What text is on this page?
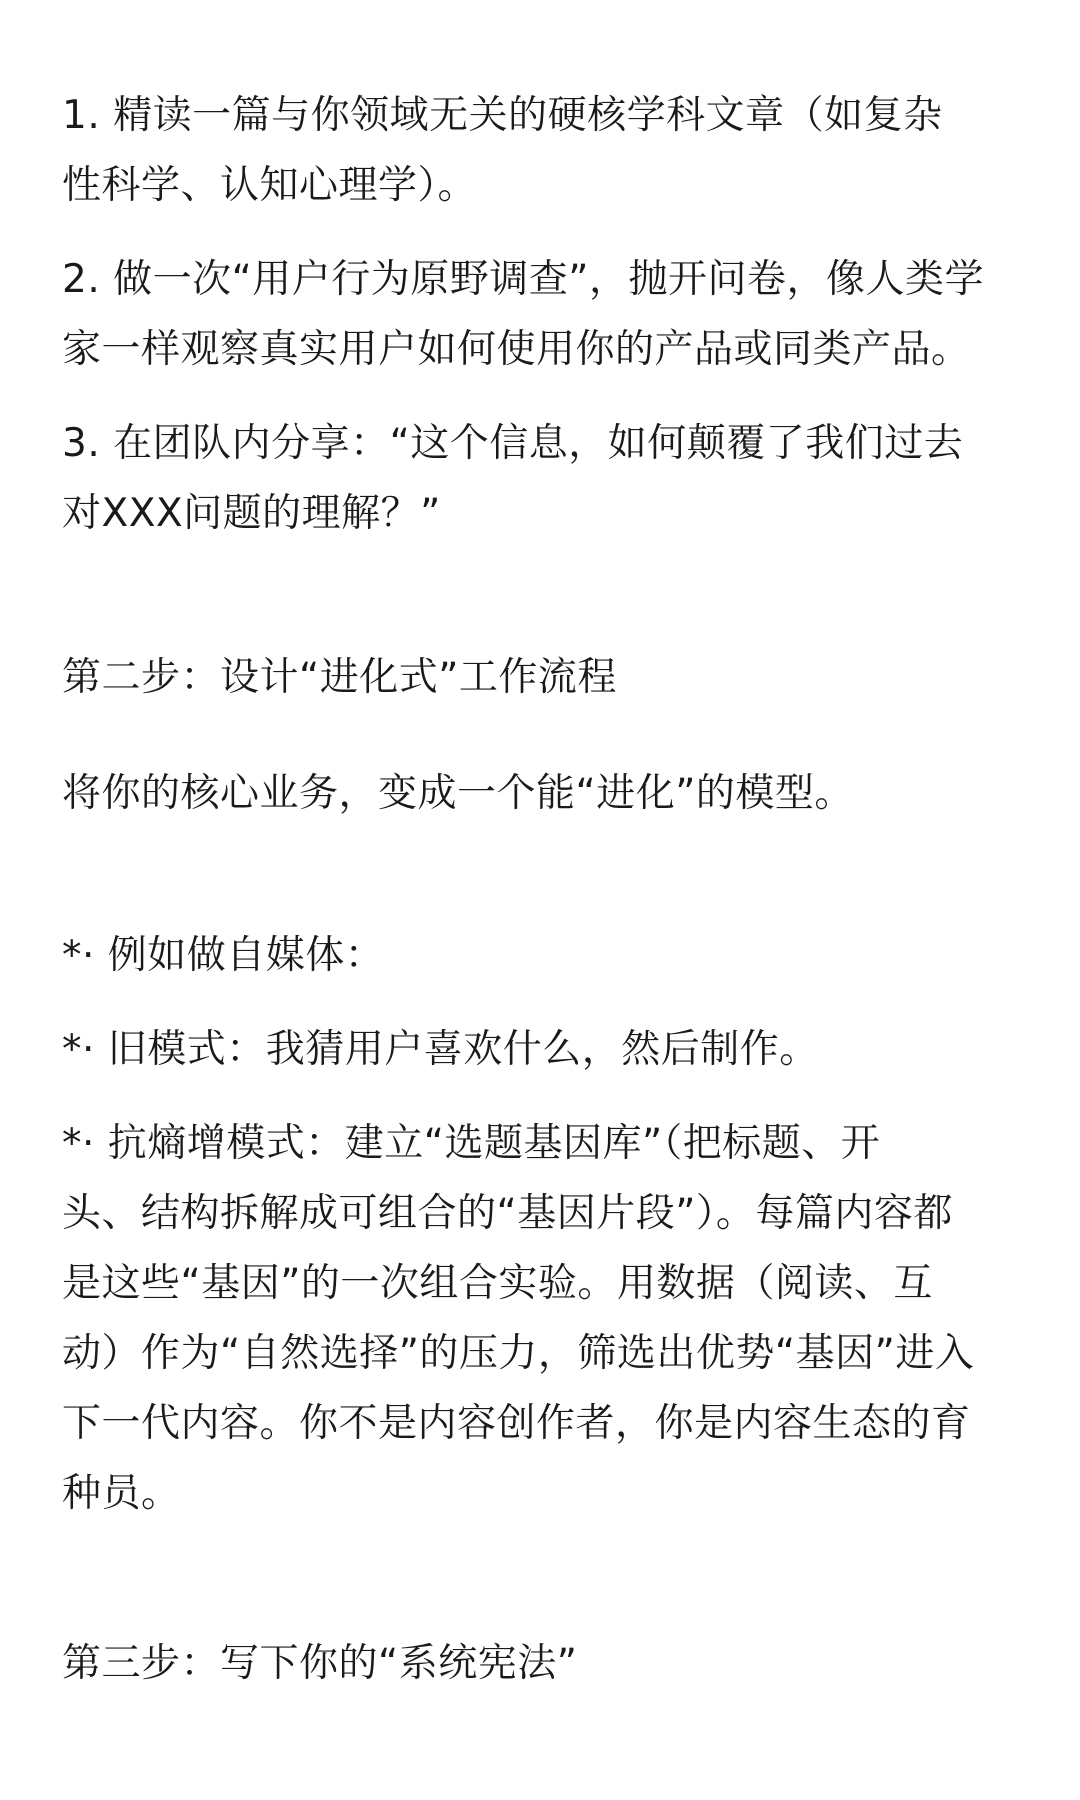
1. 精读一篇与你领域无关的硬核学科文章（如复杂

性科学、认知心理学）。

2. 做一次“用户行为原野调查”，抛开问卷，像人类学

家一样观察真实用户如何使用你的产品或同类产品。

3. 在团队内分享：“这个信息，如何颠覆了我们过去

对XXX问题的理解？”

第二步：设计“进化式”工作流程

将你的核心业务，变成一个能“进化”的模型。

*· 例如做自媒体：

*· 旧模式：我猜用户喜欢什么，然后制作。

*· 抗熵增模式：建立“选题基因库”（把标题、开

头、结构拆解成可组合的“基因片段”）。每篇内容都

是这些“基因”的一次组合实验。用数据（阅读、互

动）作为“自然选择”的压力，筛选出优势“基因”进入

下一代内容。你不是内容创作者，你是内容生态的育

种员。

第三步：写下你的“系统宪法”
